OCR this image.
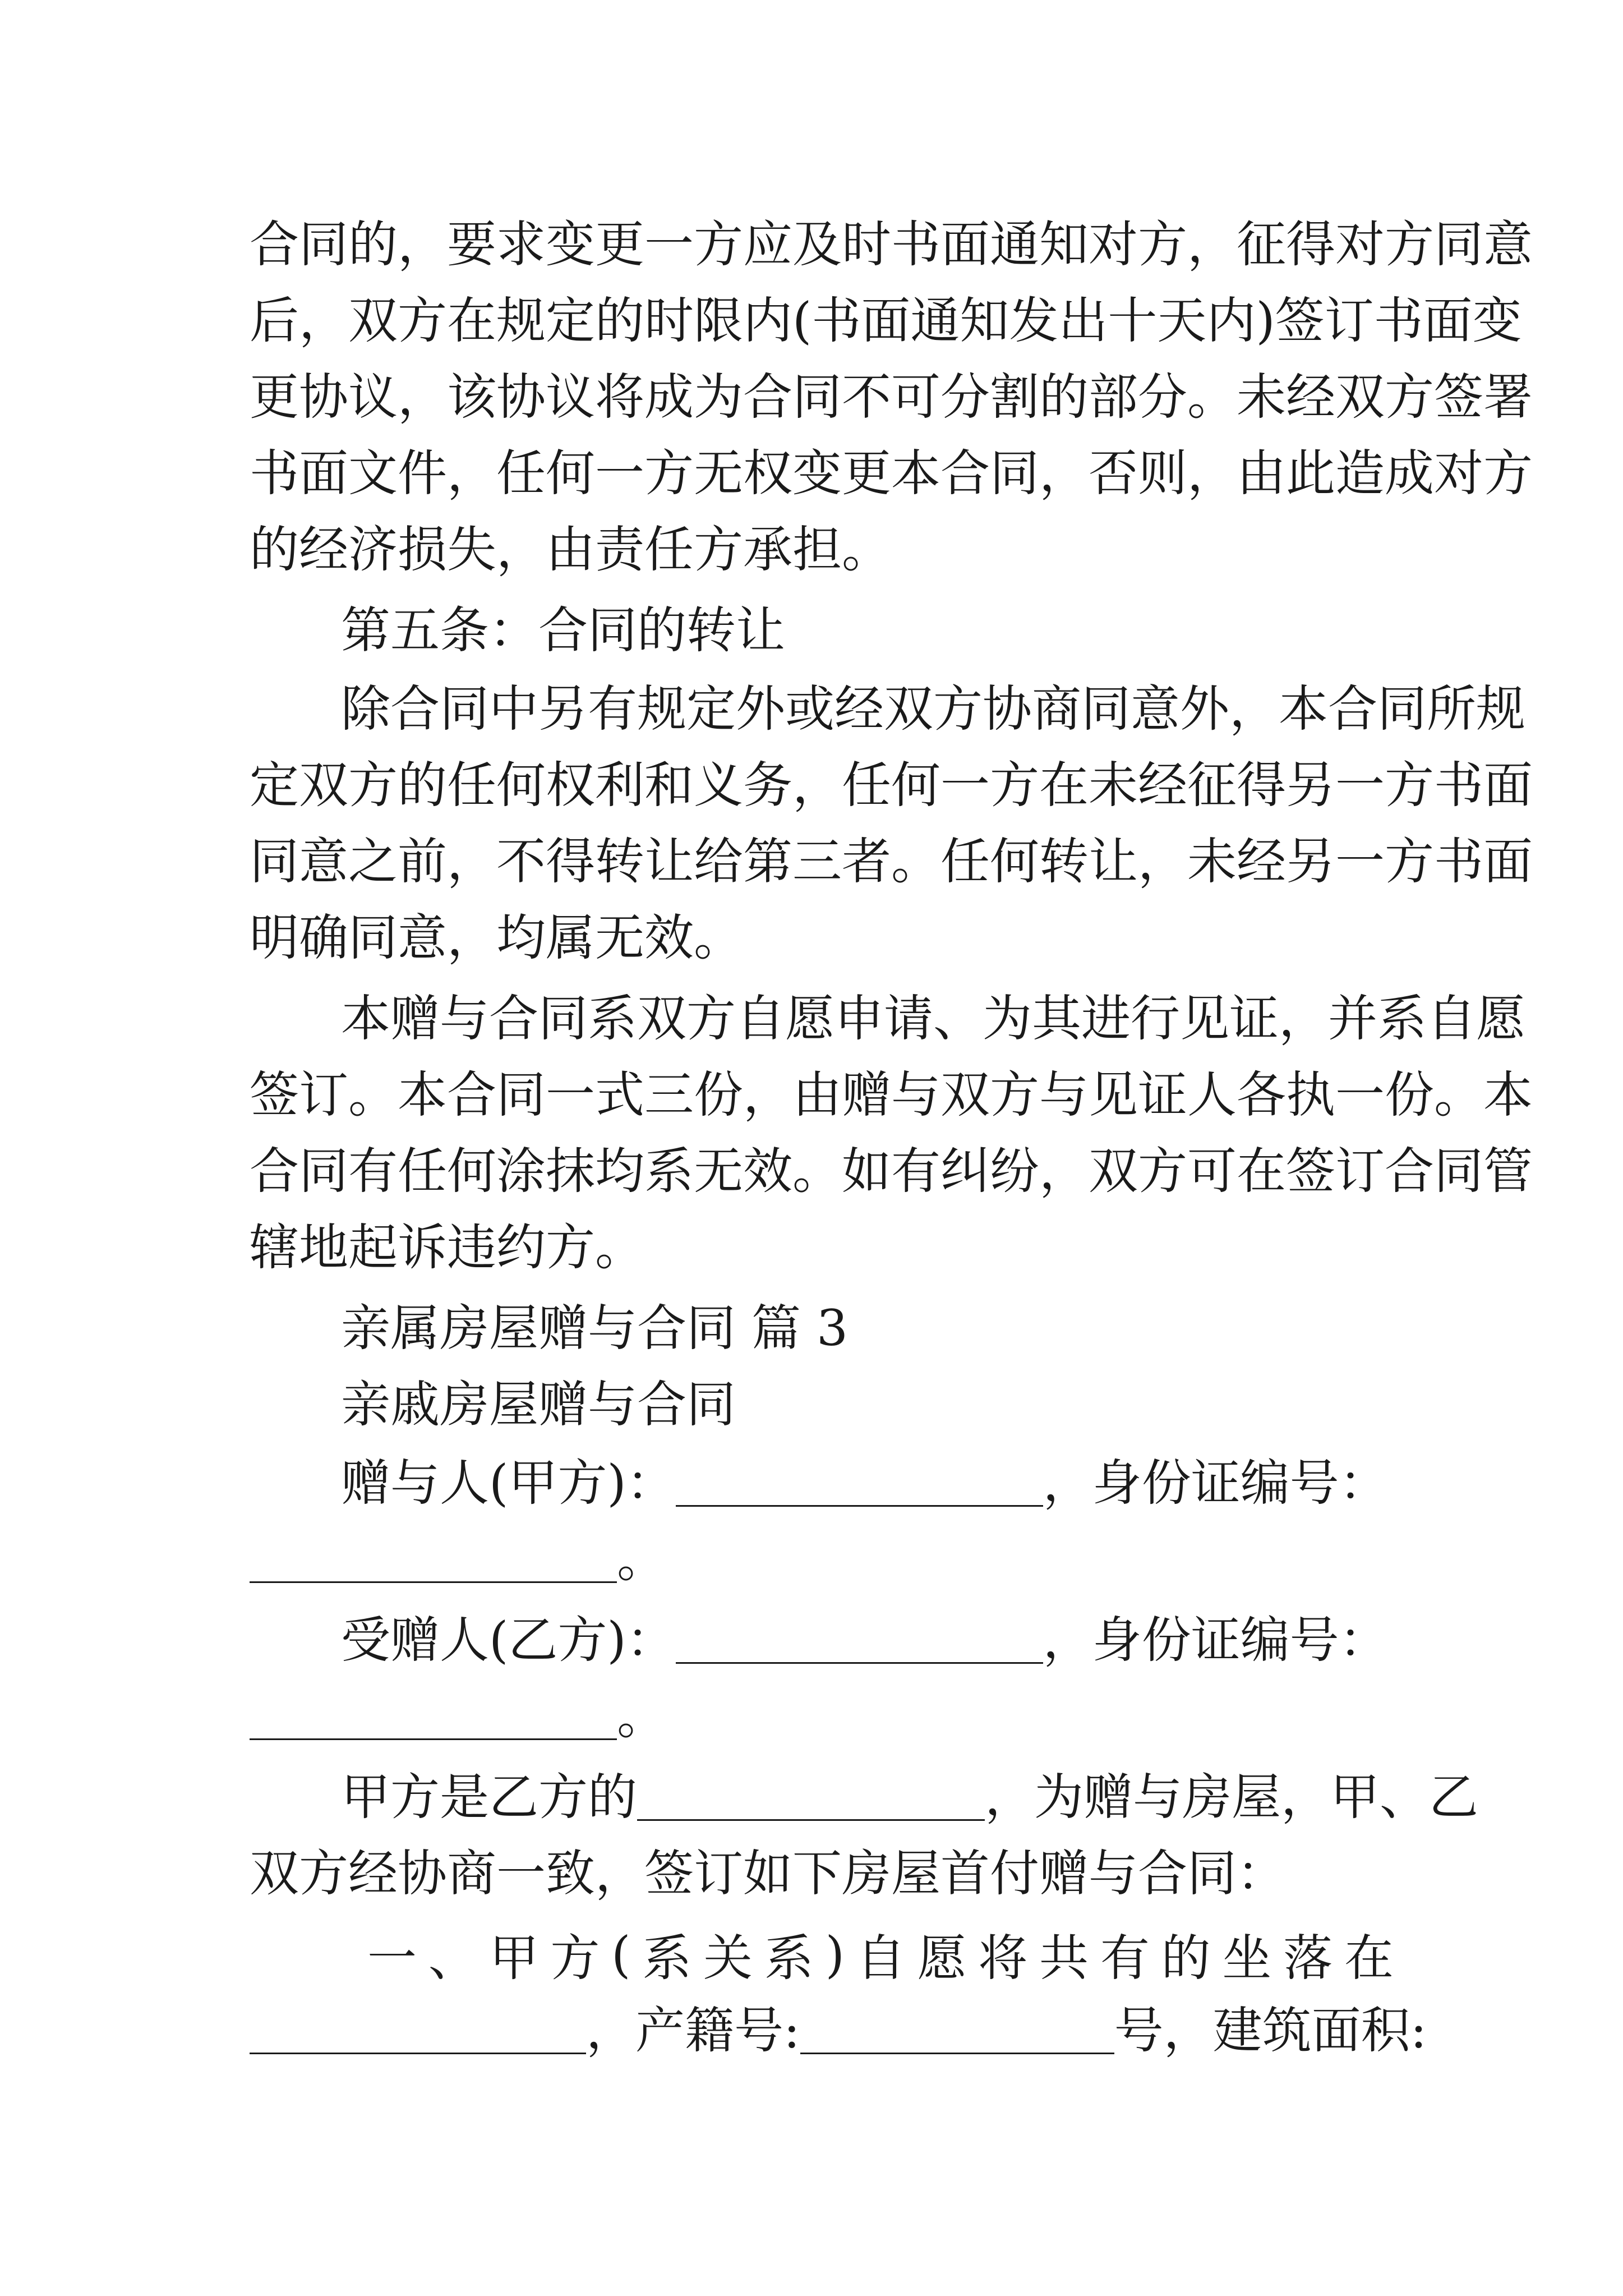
合同的，要求变更一方应及时书面通知对方，征得对方同意
后，双方在规定的时限内(书面通知发出十天内)签订书面变
更协议，该协议将成为合同不可分割的部分。未经双方签署
书面文件，任何一方无权变更本合同，否则，由此造成对方
的经济损失，由责任方承担。
第五条：合同的转让
除合同中另有规定外或经双方协商同意外，本合同所规
定双方的任何权利和义务，任何一方在未经征得另一方书面
同意之前，不得转让给第三者。任何转让，未经另一方书面
明确同意，均属无效。
本赠与合同系双方自愿申请、为其进行见证，并系自愿
签订。本合同一式三份，由赠与双方与见证人各执一份。本
合同有任何涂抹均系无效。如有纠纷，双方可在签订合同管
辖地起诉违约方。
亲属房屋赠与合同 篇 3
亲戚房屋赠与合同
赠与人(甲方)：	，身份证编号：
。
受赠人(乙方)：	，身份证编号：
。
甲方是乙方的	，为赠与房屋，甲、乙
双方经协商一致，签订如下房屋首付赠与合同：
一 、 甲 方 ( 系 关 系 ) 自 愿 将 共 有 的 坐 落 在
，产籍号:	号，建筑面积:
